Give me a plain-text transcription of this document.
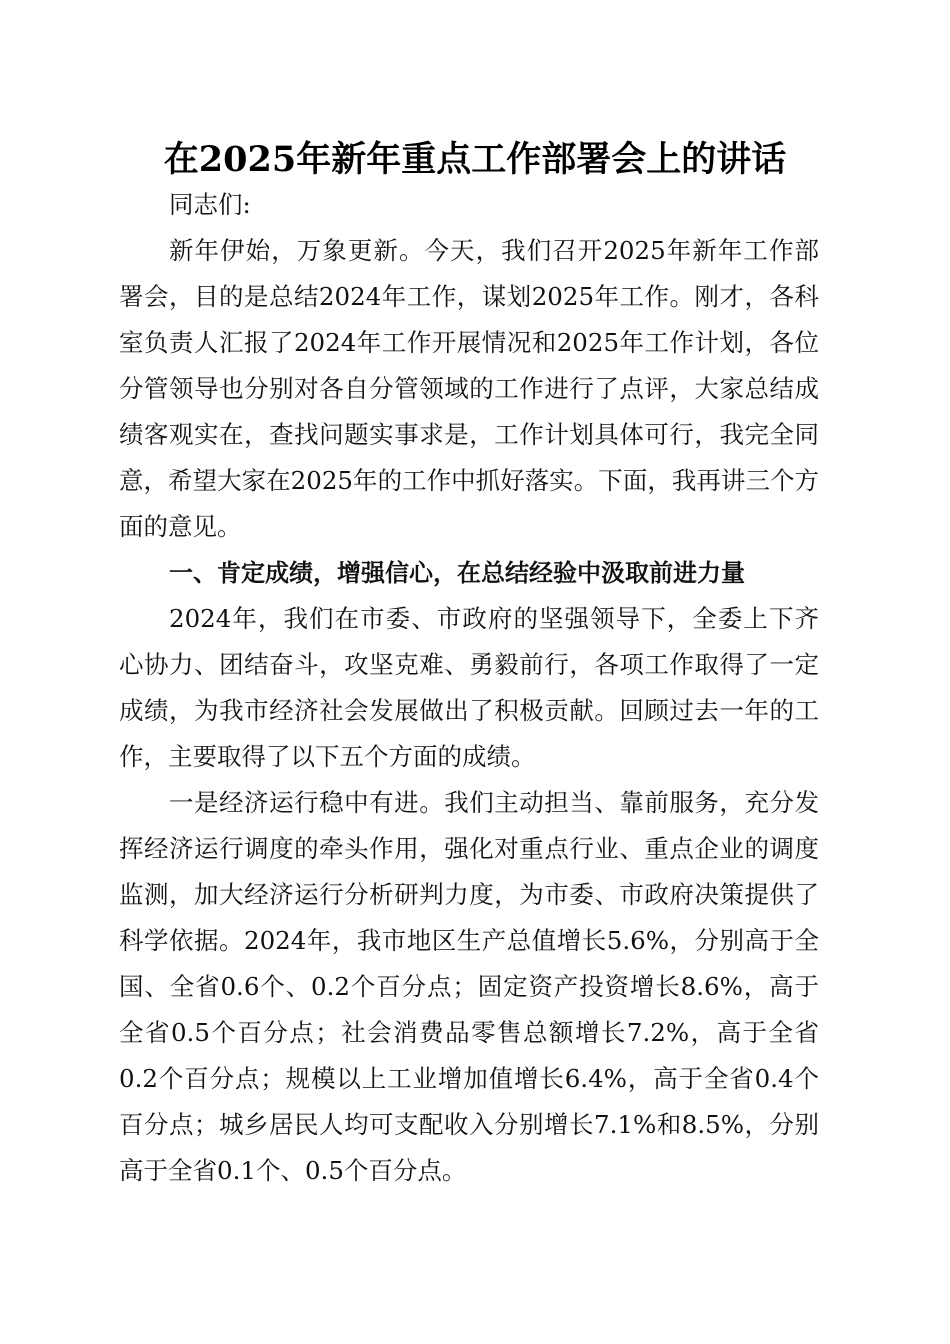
在2025年新年重点工作部署会上的讲话

同志们:

新年伊始，万象更新。今天，我们召开2025年新年工作部署会，目的是总结2024年工作，谋划2025年工作。刚才，各科室负责人汇报了2024年工作开展情况和2025年工作计划，各位分管领导也分别对各自分管领域的工作进行了点评，大家总结成绩客观实在，查找问题实事求是，工作计划具体可行，我完全同意，希望大家在2025年的工作中抓好落实。下面，我再讲三个方面的意见。

一、肯定成绩，增强信心，在总结经验中汲取前进力量

2024年，我们在市委、市政府的坚强领导下，全委上下齐心协力、团结奋斗，攻坚克难、勇毅前行，各项工作取得了一定成绩，为我市经济社会发展做出了积极贡献。回顾过去一年的工作，主要取得了以下五个方面的成绩。

一是经济运行稳中有进。我们主动担当、靠前服务，充分发挥经济运行调度的牵头作用，强化对重点行业、重点企业的调度监测，加大经济运行分析研判力度，为市委、市政府决策提供了科学依据。2024年，我市地区生产总值增长5.6%，分别高于全国、全省0.6个、0.2个百分点；固定资产投资增长8.6%，高于全省0.5个百分点；社会消费品零售总额增长7.2%，高于全省0.2个百分点；规模以上工业增加值增长6.4%，高于全省0.4个百分点；城乡居民人均可支配收入分别增长7.1%和8.5%，分别高于全省0.1个、0.5个百分点。
